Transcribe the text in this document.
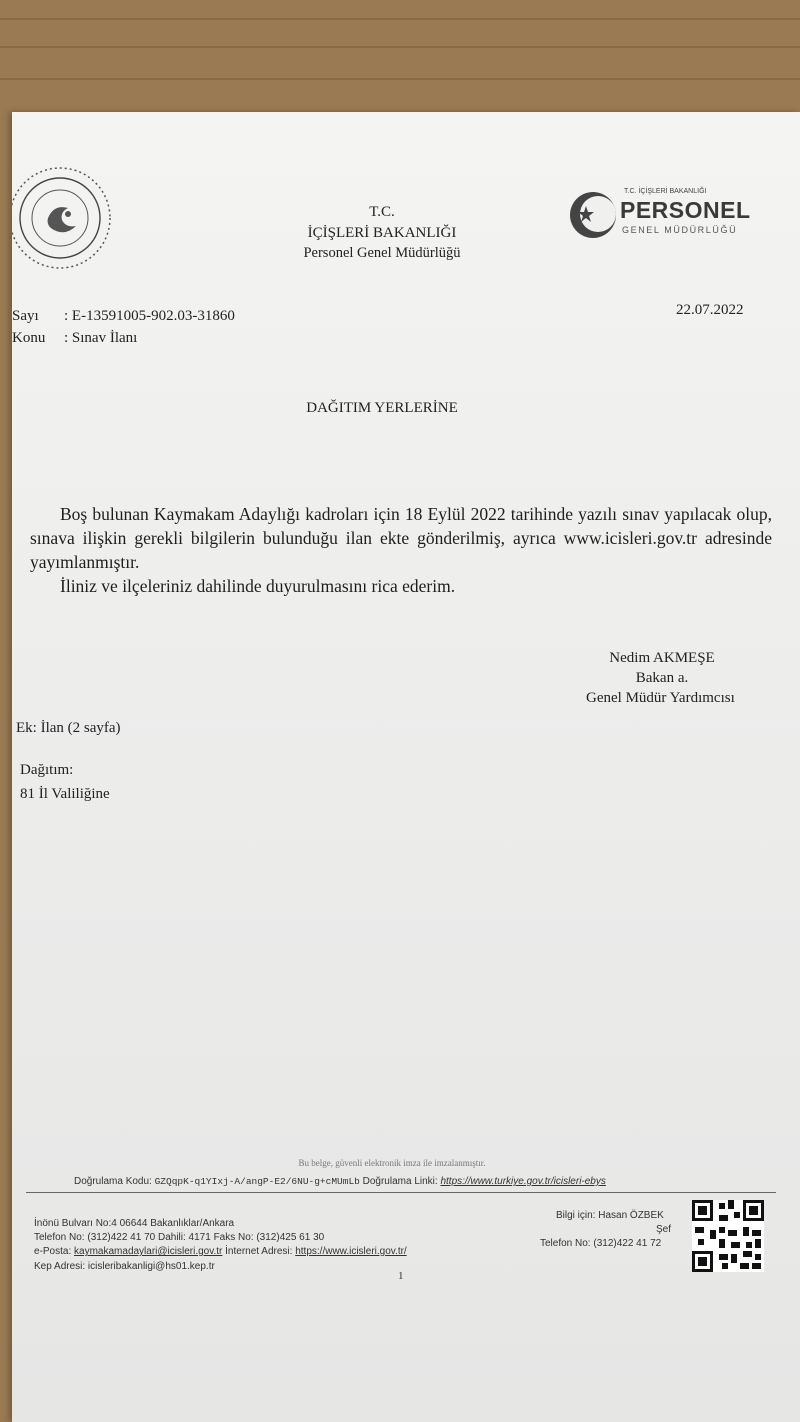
T.C.
İÇİŞLERİ BAKANLIĞI
Personel Genel Müdürlüğü
T.C. İÇİŞLERİ BAKANLIĞI
PERSONEL
GENEL MÜDÜRLÜĞÜ
Sayı : E-13591005-902.03-31860
Konu : Sınav İlanı
22.07.2022
DAĞITIM YERLERİNE
Boş bulunan Kaymakam Adaylığı kadroları için 18 Eylül 2022 tarihinde yazılı sınav yapılacak olup, sınava ilişkin gerekli bilgilerin bulunduğu ilan ekte gönderilmiş, ayrıca www.icisleri.gov.tr adresinde yayımlanmıştır.
İliniz ve ilçeleriniz dahilinde duyurulmasını rica ederim.
Nedim AKMEŞE
Bakan a.
Genel Müdür Yardımcısı
Ek: İlan (2 sayfa)
Dağıtım:
81 İl Valiliğine
Bu belge, güvenli elektronik imza ile imzalanmıştır.
Doğrulama Kodu: GZQqpK-q1YIxj-A/angP-E2/6NU-g+cMUmLb Doğrulama Linki: https://www.turkiye.gov.tr/icisleri-ebys
İnönü Bulvarı No:4 06644 Bakanlıklar/Ankara
Telefon No: (312)422 41 70 Dahili: 4171 Faks No: (312)425 61 30
e-Posta: kaymakamadaylari@icisleri.gov.tr İnternet Adresi: https://www.icisleri.gov.tr/
Kep Adresi: icisleribakanligi@hs01.kep.tr
1
Bilgi için: Hasan ÖZBEK
Şef
Telefon No: (312)422 41 72
